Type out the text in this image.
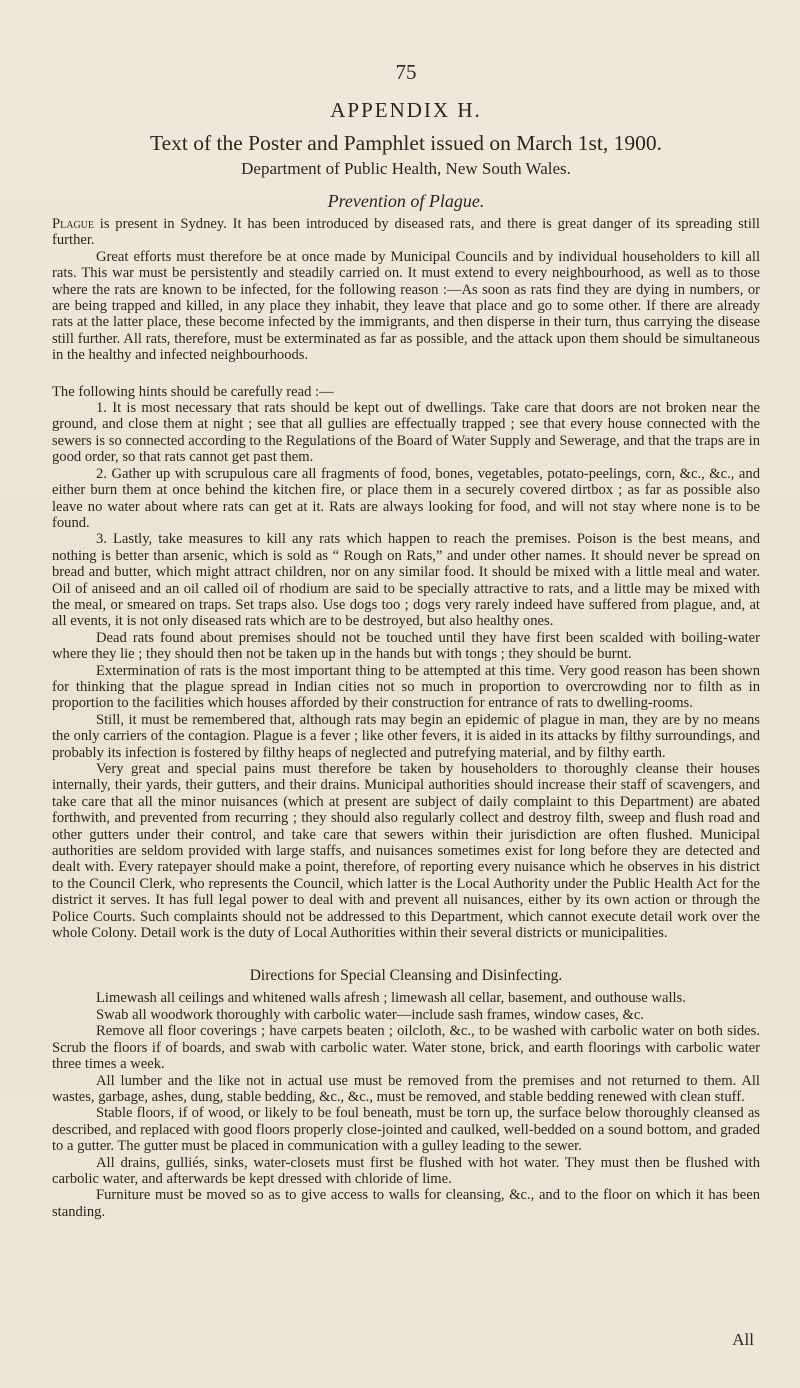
75
APPENDIX H.
Text of the Poster and Pamphlet issued on March 1st, 1900.
Department of Public Health, New South Wales.
Prevention of Plague.

Plague is present in Sydney. It has been introduced by diseased rats, and there is great danger of its spreading still further.

Great efforts must therefore be at once made by Municipal Councils and by individual householders to kill all rats. This war must be persistently and steadily carried on. It must extend to every neighbourhood, as well as to those where the rats are known to be infected, for the following reason :—As soon as rats find they are dying in numbers, or are being trapped and killed, in any place they inhabit, they leave that place and go to some other. If there are already rats at the latter place, these become infected by the immigrants, and then disperse in their turn, thus carrying the disease still further. All rats, therefore, must be exterminated as far as possible, and the attack upon them should be simultaneous in the healthy and infected neighbourhoods.

The following hints should be carefully read :—

1. It is most necessary that rats should be kept out of dwellings. Take care that doors are not broken near the ground, and close them at night ; see that all gullies are effectually trapped ; see that every house connected with the sewers is so connected according to the Regulations of the Board of Water Supply and Sewerage, and that the traps are in good order, so that rats cannot get past them.

2. Gather up with scrupulous care all fragments of food, bones, vegetables, potato-peelings, corn, &c., &c., and either burn them at once behind the kitchen fire, or place them in a securely covered dirtbox ; as far as possible also leave no water about where rats can get at it. Rats are always looking for food, and will not stay where none is to be found.

3. Lastly, take measures to kill any rats which happen to reach the premises. Poison is the best means, and nothing is better than arsenic, which is sold as “ Rough on Rats,” and under other names. It should never be spread on bread and butter, which might attract children, nor on any similar food. It should be mixed with a little meal and water. Oil of aniseed and an oil called oil of rhodium are said to be specially attractive to rats, and a little may be mixed with the meal, or smeared on traps. Set traps also. Use dogs too ; dogs very rarely indeed have suffered from plague, and, at all events, it is not only diseased rats which are to be destroyed, but also healthy ones.

Dead rats found about premises should not be touched until they have first been scalded with boiling-water where they lie ; they should then not be taken up in the hands but with tongs ; they should be burnt.

Extermination of rats is the most important thing to be attempted at this time. Very good reason has been shown for thinking that the plague spread in Indian cities not so much in proportion to overcrowding nor to filth as in proportion to the facilities which houses afforded by their construction for entrance of rats to dwelling-rooms.

Still, it must be remembered that, although rats may begin an epidemic of plague in man, they are by no means the only carriers of the contagion. Plague is a fever ; like other fevers, it is aided in its attacks by filthy surroundings, and probably its infection is fostered by filthy heaps of neglected and putrefying material, and by filthy earth.

Very great and special pains must therefore be taken by householders to thoroughly cleanse their houses internally, their yards, their gutters, and their drains. Municipal authorities should increase their staff of scavengers, and take care that all the minor nuisances (which at present are subject of daily complaint to this Department) are abated forthwith, and prevented from recurring ; they should also regularly collect and destroy filth, sweep and flush road and other gutters under their control, and take care that sewers within their jurisdiction are often flushed. Municipal authorities are seldom provided with large staffs, and nuisances sometimes exist for long before they are detected and dealt with. Every ratepayer should make a point, therefore, of reporting every nuisance which he observes in his district to the Council Clerk, who represents the Council, which latter is the Local Authority under the Public Health Act for the district it serves. It has full legal power to deal with and prevent all nuisances, either by its own action or through the Police Courts. Such complaints should not be addressed to this Department, which cannot execute detail work over the whole Colony. Detail work is the duty of Local Authorities within their several districts or municipalities.

Directions for Special Cleansing and Disinfecting.

Limewash all ceilings and whitened walls afresh ; limewash all cellar, basement, and outhouse walls.

Swab all woodwork thoroughly with carbolic water—include sash frames, window cases, &c.

Remove all floor coverings ; have carpets beaten ; oilcloth, &c., to be washed with carbolic water on both sides. Scrub the floors if of boards, and swab with carbolic water. Water stone, brick, and earth floorings with carbolic water three times a week.

All lumber and the like not in actual use must be removed from the premises and not returned to them. All wastes, garbage, ashes, dung, stable bedding, &c., &c., must be removed, and stable bedding renewed with clean stuff.

Stable floors, if of wood, or likely to be foul beneath, must be torn up, the surface below thoroughly cleansed as described, and replaced with good floors properly close-jointed and caulked, well-bedded on a sound bottom, and graded to a gutter. The gutter must be placed in communication with a gulley leading to the sewer.

All drains, gulliés, sinks, water-closets must first be flushed with hot water. They must then be flushed with carbolic water, and afterwards be kept dressed with chloride of lime.

Furniture must be moved so as to give access to walls for cleansing, &c., and to the floor on which it has been standing.

All
